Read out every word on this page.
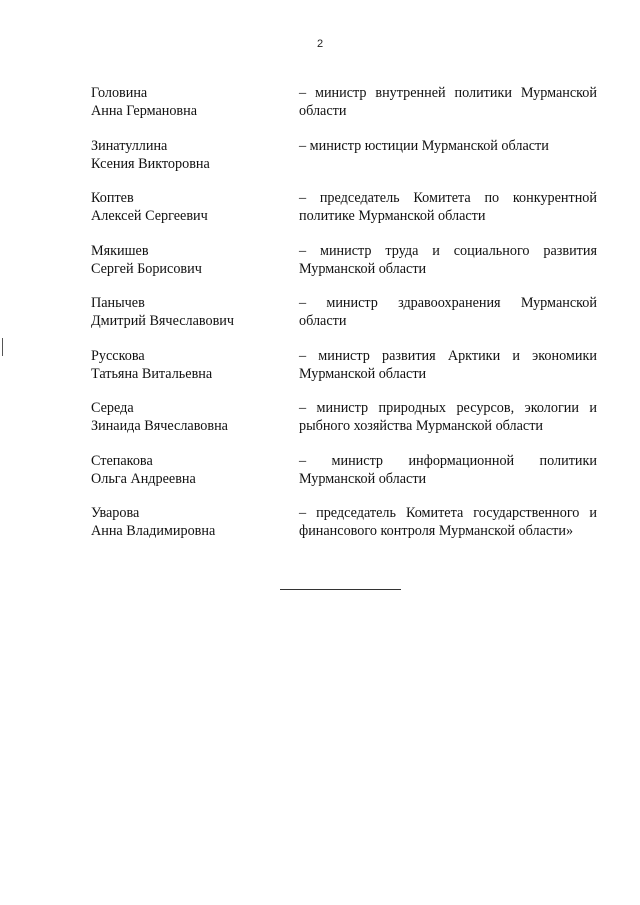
2
Головина
Анна Германовна
– министр внутренней политики Мурманской области
Зинатуллина
Ксения Викторовна
– министр юстиции Мурманской области
Коптев
Алексей Сергеевич
– председатель Комитета по конкурентной политике Мурманской области
Мякишев
Сергей Борисович
– министр труда и социального развития Мурманской области
Панычев
Дмитрий Вячеславович
– министр здравоохранения Мурманской области
Русскова
Татьяна Витальевна
– министр развития Арктики и экономики Мурманской области
Середа
Зинаида Вячеславовна
– министр природных ресурсов, экологии и рыбного хозяйства Мурманской области
Степакова
Ольга Андреевна
– министр информационной политики Мурманской области
Уварова
Анна Владимировна
– председатель Комитета государственного и финансового контроля Мурманской области»
